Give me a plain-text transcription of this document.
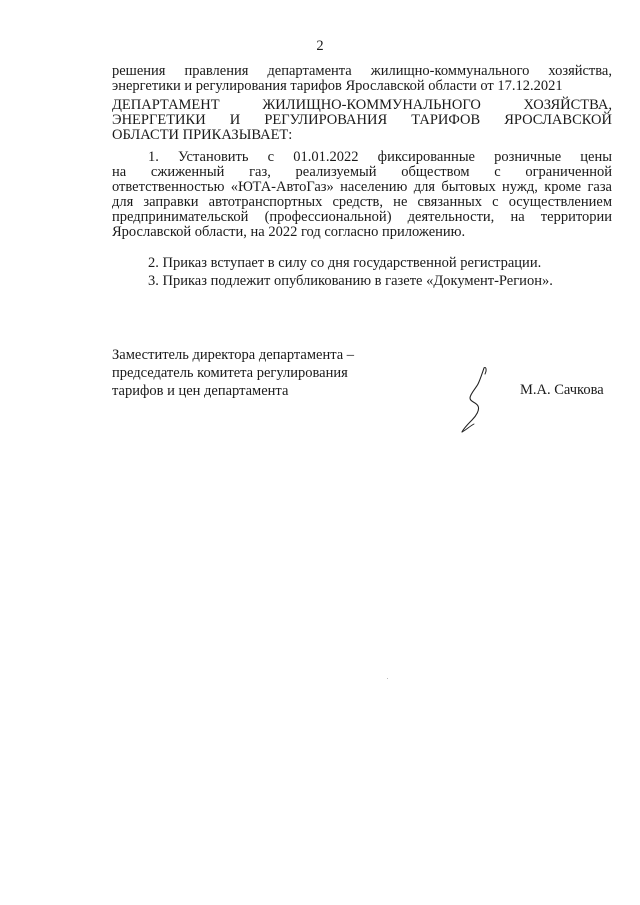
2
решения правления департамента жилищно-коммунального хозяйства,
энергетики и регулирования тарифов Ярославской области от 17.12.2021
ДЕПАРТАМЕНТ ЖИЛИЩНО-КОММУНАЛЬНОГО ХОЗЯЙСТВА,
ЭНЕРГЕТИКИ И РЕГУЛИРОВАНИЯ ТАРИФОВ ЯРОСЛАВСКОЙ
ОБЛАСТИ ПРИКАЗЫВАЕТ:
1. Установить с 01.01.2022 фиксированные розничные цены
на сжиженный газ, реализуемый обществом с ограниченной
ответственностью «ЮТА-АвтоГаз» населению для бытовых нужд, кроме газа
для заправки автотранспортных средств, не связанных с осуществлением
предпринимательской (профессиональной) деятельности, на территории
Ярославской области, на 2022 год согласно приложению.
2. Приказ вступает в силу со дня государственной регистрации.
3. Приказ подлежит опубликованию в газете «Документ-Регион».
Заместитель директора департамента –
председатель комитета регулирования
тарифов и цен департамента	М.А. Сачкова
